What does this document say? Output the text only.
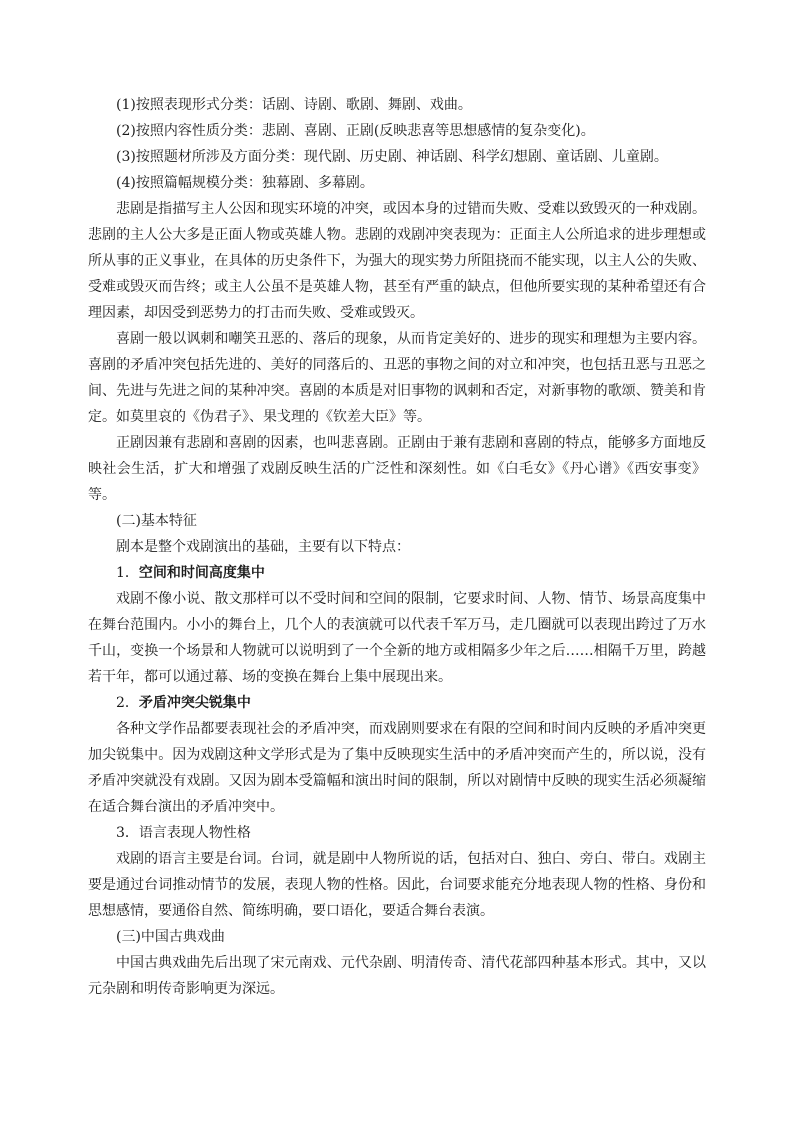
(1)按照表现形式分类：话剧、诗剧、歌剧、舞剧、戏曲。

(2)按照内容性质分类：悲剧、喜剧、正剧(反映悲喜等思想感情的复杂变化)。

(3)按照题材所涉及方面分类：现代剧、历史剧、神话剧、科学幻想剧、童话剧、儿童剧。

(4)按照篇幅规模分类：独幕剧、多幕剧。

悲剧是指描写主人公因和现实环境的冲突，或因本身的过错而失败、受难以致毁灭的一种戏剧。悲剧的主人公大多是正面人物或英雄人物。悲剧的戏剧冲突表现为：正面主人公所追求的进步理想或所从事的正义事业，在具体的历史条件下，为强大的现实势力所阻挠而不能实现，以主人公的失败、受难或毁灭而告终；或主人公虽不是英雄人物，甚至有严重的缺点，但他所要实现的某种希望还有合理因素，却因受到恶势力的打击而失败、受难或毁灭。

喜剧一般以讽刺和嘲笑丑恶的、落后的现象，从而肯定美好的、进步的现实和理想为主要内容。喜剧的矛盾冲突包括先进的、美好的同落后的、丑恶的事物之间的对立和冲突，也包括丑恶与丑恶之间、先进与先进之间的某种冲突。喜剧的本质是对旧事物的讽刺和否定，对新事物的歌颂、赞美和肯定。如莫里哀的《伪君子》、果戈理的《钦差大臣》等。

正剧因兼有悲剧和喜剧的因素，也叫悲喜剧。正剧由于兼有悲剧和喜剧的特点，能够多方面地反映社会生活，扩大和增强了戏剧反映生活的广泛性和深刻性。如《白毛女》《丹心谱》《西安事变》等。

(二)基本特征

剧本是整个戏剧演出的基础，主要有以下特点：

1．空间和时间高度集中

戏剧不像小说、散文那样可以不受时间和空间的限制，它要求时间、人物、情节、场景高度集中在舞台范围内。小小的舞台上，几个人的表演就可以代表千军万马，走几圈就可以表现出跨过了万水千山，变换一个场景和人物就可以说明到了一个全新的地方或相隔多少年之后……相隔千万里，跨越若干年，都可以通过幕、场的变换在舞台上集中展现出来。

2．矛盾冲突尖锐集中

各种文学作品都要表现社会的矛盾冲突，而戏剧则要求在有限的空间和时间内反映的矛盾冲突更加尖锐集中。因为戏剧这种文学形式是为了集中反映现实生活中的矛盾冲突而产生的，所以说，没有矛盾冲突就没有戏剧。又因为剧本受篇幅和演出时间的限制，所以对剧情中反映的现实生活必须凝缩在适合舞台演出的矛盾冲突中。

3．语言表现人物性格

戏剧的语言主要是台词。台词，就是剧中人物所说的话，包括对白、独白、旁白、带白。戏剧主要是通过台词推动情节的发展，表现人物的性格。因此，台词要求能充分地表现人物的性格、身份和思想感情，要通俗自然、简练明确，要口语化，要适合舞台表演。

(三)中国古典戏曲

中国古典戏曲先后出现了宋元南戏、元代杂剧、明清传奇、清代花部四种基本形式。其中，又以元杂剧和明传奇影响更为深远。
